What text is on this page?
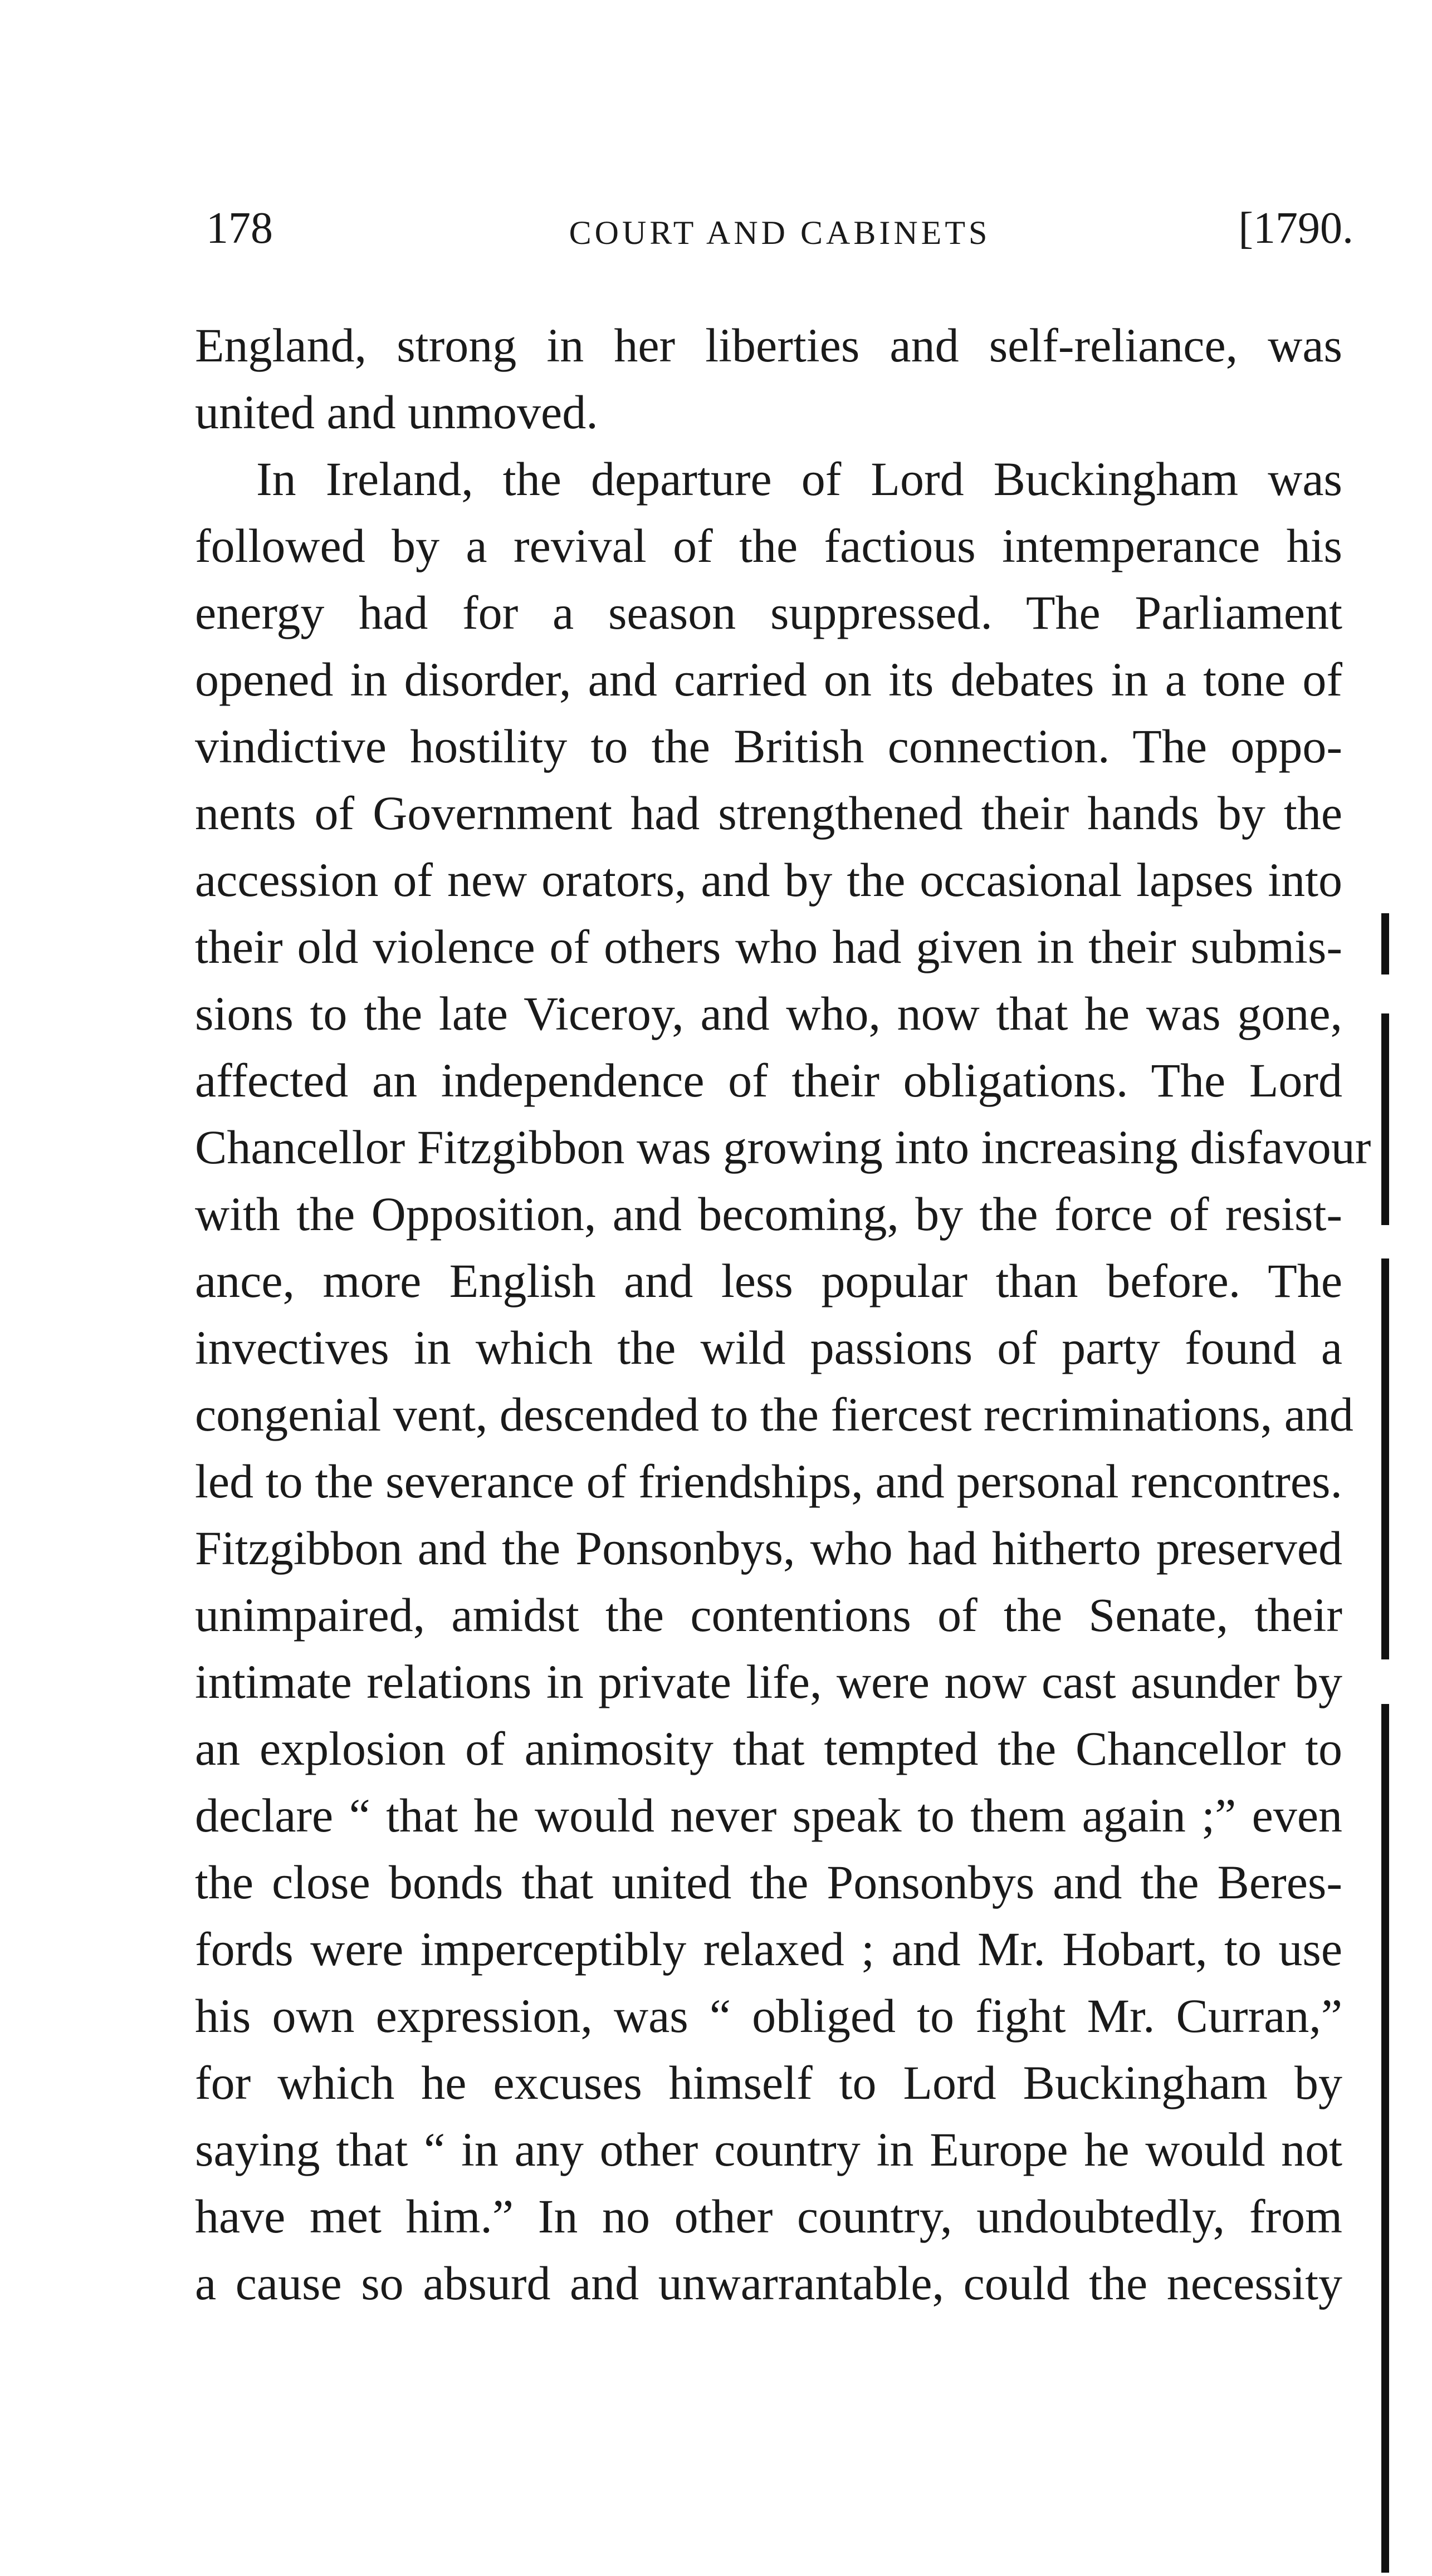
178	COURT AND CABINETS	[1790.
England, strong in her liberties and self-reliance, was
united and unmoved.
In Ireland, the departure of Lord Buckingham was
followed by a revival of the factious intemperance his
energy had for a season suppressed. The Parliament
opened in disorder, and carried on its debates in a tone of
vindictive hostility to the British connection. The oppo-
nents of Government had strengthened their hands by the
accession of new orators, and by the occasional lapses into
their old violence of others who had given in their submis-
sions to the late Viceroy, and who, now that he was gone,
affected an independence of their obligations. The Lord
Chancellor Fitzgibbon was growing into increasing disfavour
with the Opposition, and becoming, by the force of resist-
ance, more English and less popular than before. The
invectives in which the wild passions of party found a
congenial vent, descended to the fiercest recriminations, and
led to the severance of friendships, and personal rencontres.
Fitzgibbon and the Ponsonbys, who had hitherto preserved
unimpaired, amidst the contentions of the Senate, their
intimate relations in private life, were now cast asunder by
an explosion of animosity that tempted the Chancellor to
declare “ that he would never speak to them again ;” even
the close bonds that united the Ponsonbys and the Beres-
fords were imperceptibly relaxed ; and Mr. Hobart, to use
his own expression, was “ obliged to fight Mr. Curran,”
for which he excuses himself to Lord Buckingham by
saying that “ in any other country in Europe he would not
have met him.” In no other country, undoubtedly, from
a cause so absurd and unwarrantable, could the necessity
